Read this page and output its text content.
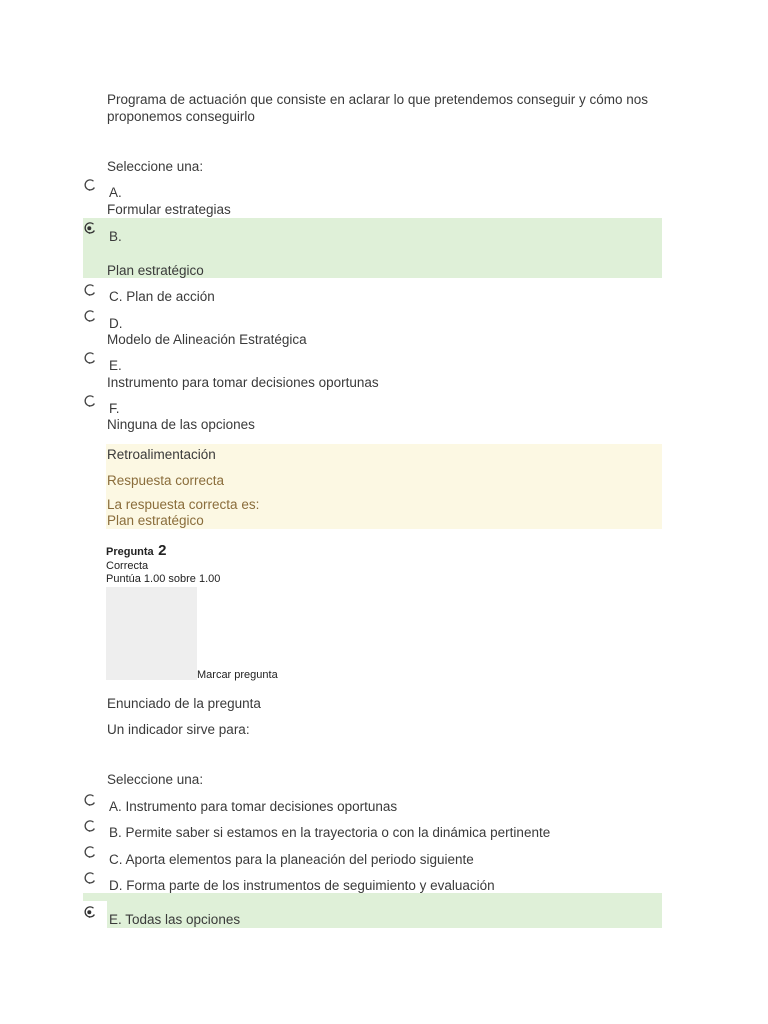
Programa de actuación que consiste en aclarar lo que pretendemos conseguir y cómo nos
proponemos conseguirlo
Seleccione una:
A.
Formular estrategias
B.
Plan estratégico
C. Plan de acción
D.
Modelo de Alineación Estratégica
E.
Instrumento para tomar decisiones oportunas
F.
Ninguna de las opciones
Retroalimentación
Respuesta correcta
La respuesta correcta es:
Plan estratégico
Pregunta 2
Correcta
Puntúa 1.00 sobre 1.00
Marcar pregunta
Enunciado de la pregunta
Un indicador sirve para:
Seleccione una:
A. Instrumento para tomar decisiones oportunas
B. Permite saber si estamos en la trayectoria o con la dinámica pertinente
C. Aporta elementos para la planeación del periodo siguiente
D. Forma parte de los instrumentos de seguimiento y evaluación
E. Todas las opciones
